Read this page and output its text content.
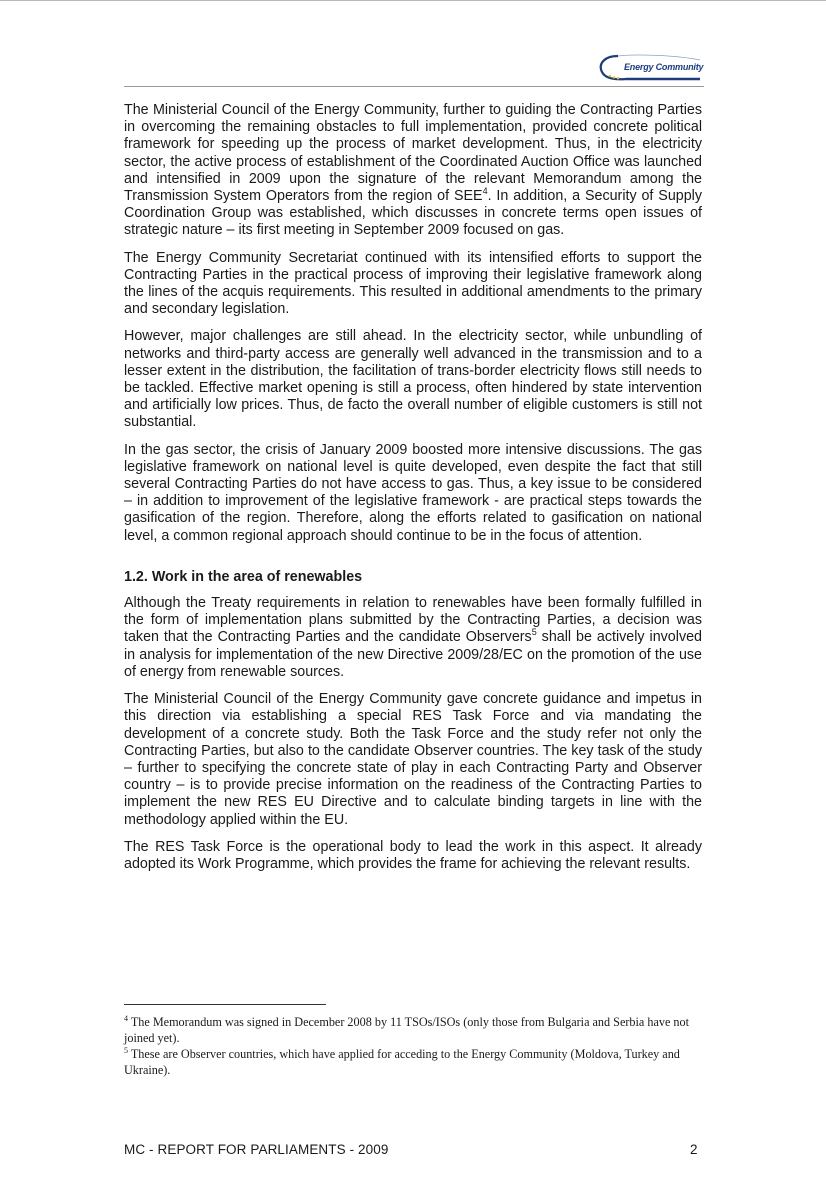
Energy Community

The Ministerial Council of the Energy Community, further to guiding the Contracting Parties in overcoming the remaining obstacles to full implementation, provided concrete political framework for speeding up the process of market development. Thus, in the electricity sector, the active process of establishment of the Coordinated Auction Office was launched and intensified in 2009 upon the signature of the relevant Memorandum among the Transmission System Operators from the region of SEE$^4$. In addition, a Security of Supply Coordination Group was established, which discusses in concrete terms open issues of strategic nature – its first meeting in September 2009 focused on gas.

The Energy Community Secretariat continued with its intensified efforts to support the Contracting Parties in the practical process of improving their legislative framework along the lines of the acquis requirements. This resulted in additional amendments to the primary and secondary legislation.

However, major challenges are still ahead. In the electricity sector, while unbundling of networks and third-party access are generally well advanced in the transmission and to a lesser extent in the distribution, the facilitation of trans-border electricity flows still needs to be tackled. Effective market opening is still a process, often hindered by state intervention and artificially low prices. Thus, de facto the overall number of eligible customers is still not substantial.

In the gas sector, the crisis of January 2009 boosted more intensive discussions. The gas legislative framework on national level is quite developed, even despite the fact that still several Contracting Parties do not have access to gas. Thus, a key issue to be considered – in addition to improvement of the legislative framework - are practical steps towards the gasification of the region. Therefore, along the efforts related to gasification on national level, a common regional approach should continue to be in the focus of attention.

1.2. Work in the area of renewables

Although the Treaty requirements in relation to renewables have been formally fulfilled in the form of implementation plans submitted by the Contracting Parties, a decision was taken that the Contracting Parties and the candidate Observers$^5$ shall be actively involved in analysis for implementation of the new Directive 2009/28/EC on the promotion of the use of energy from renewable sources.

The Ministerial Council of the Energy Community gave concrete guidance and impetus in this direction via establishing a special RES Task Force and via mandating the development of a concrete study. Both the Task Force and the study refer not only the Contracting Parties, but also to the candidate Observer countries. The key task of the study – further to specifying the concrete state of play in each Contracting Party and Observer country – is to provide precise information on the readiness of the Contracting Parties to implement the new RES EU Directive and to calculate binding targets in line with the methodology applied within the EU.

The RES Task Force is the operational body to lead the work in this aspect. It already adopted its Work Programme, which provides the frame for achieving the relevant results.

$^4$ The Memorandum was signed in December 2008 by 11 TSOs/ISOs (only those from Bulgaria and Serbia have not joined yet).

$^5$ These are Observer countries, which have applied for acceding to the Energy Community (Moldova, Turkey and Ukraine).

MC - REPORT FOR PARLIAMENTS - 2009	2
